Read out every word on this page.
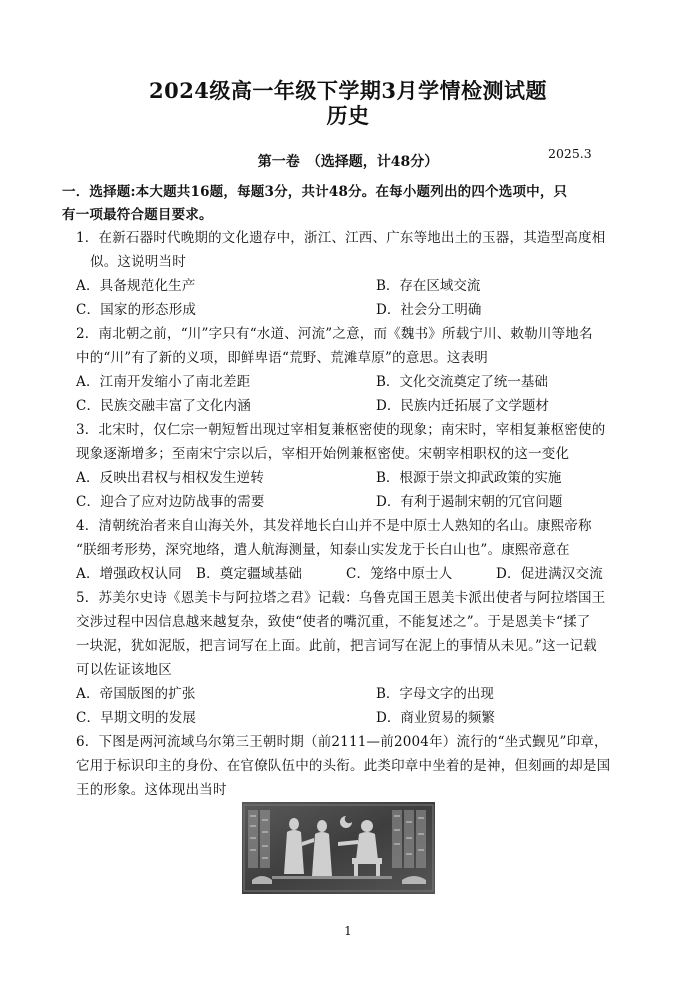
2024级高一年级下学期3月学情检测试题
历史
2025.3
第一卷　（选择题，计48分）
一．选择题:本大题共16题，每题3分，共计48分。在每小题列出的四个选项中，只
有一项最符合题目要求。
1．在新石器时代晚期的文化遗存中，浙江、江西、广东等地出土的玉器，其造型高度相
似。这说明当时
A．具备规范化生产	B．存在区域交流
C．国家的形态形成	D．社会分工明确
2．南北朝之前，“川”字只有“水道、河流”之意，而《魏书》所载宁川、敕勒川等地名
中的“川”有了新的义项，即鲜卑语“荒野、荒滩草原”的意思。这表明
A．江南开发缩小了南北差距	B．文化交流奠定了统一基础
C．民族交融丰富了文化内涵	D．民族内迁拓展了文学题材
3．北宋时，仅仁宗一朝短暂出现过宰相复兼枢密使的现象；南宋时，宰相复兼枢密使的
现象逐渐增多；至南宋宁宗以后，宰相开始例兼枢密使。宋朝宰相职权的这一变化
A．反映出君权与相权发生逆转	B．根源于崇文抑武政策的实施
C．迎合了应对边防战事的需要	D．有利于遏制宋朝的冗官问题
4．清朝统治者来自山海关外，其发祥地长白山并不是中原士人熟知的名山。康熙帝称
“朕细考形势，深究地络，遣人航海测量，知泰山实发龙于长白山也”。康熙帝意在
A．增强政权认同 B．奠定疆域基础	C．笼络中原士人	D．促进满汉交流
5．苏美尔史诗《恩美卡与阿拉塔之君》记载：乌鲁克国王恩美卡派出使者与阿拉塔国王
交涉过程中因信息越来越复杂，致使“使者的嘴沉重，不能复述之”。于是恩美卡“揉了
一块泥，犹如泥版，把言词写在上面。此前，把言词写在泥上的事情从未见。”这一记载
可以佐证该地区
A．帝国版图的扩张	B．字母文字的出现
C．早期文明的发展	D．商业贸易的频繁
6．下图是两河流域乌尔第三王朝时期（前2111—前2004年）流行的“坐式觐见”印章，
它用于标识印主的身份、在官僚队伍中的头衔。此类印章中坐着的是神，但刻画的却是国
王的形象。这体现出当时
1
